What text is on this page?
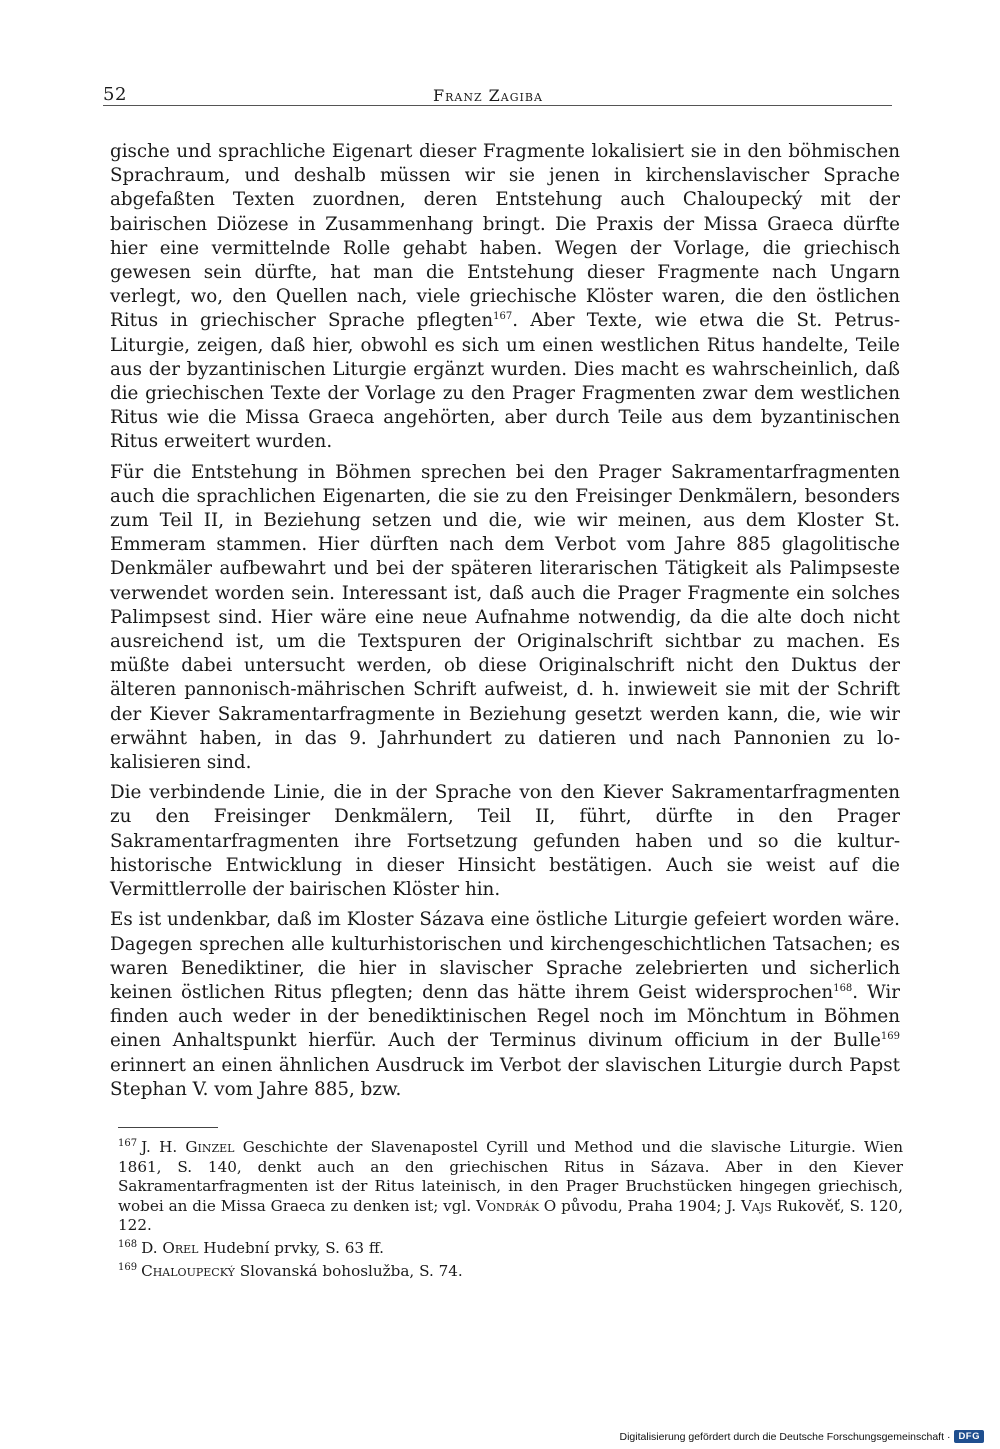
52	Franz Zagiba

gische und sprachliche Eigenart dieser Fragmente lokalisiert sie in den böhmischen Sprachraum, und deshalb müssen wir sie jenen in kirchenslavischer Sprache abgefaßten Texten zuordnen, deren Entstehung auch Chaloupecký mit der bairischen Diözese in Zusammenhang bringt. Die Praxis der Missa Graeca dürfte hier eine vermittelnde Rolle gehabt haben. Wegen der Vorlage, die griechisch gewesen sein dürfte, hat man die Entstehung dieser Fragmente nach Ungarn verlegt, wo, den Quellen nach, viele griechische Klöster waren, die den östlichen Ritus in griechischer Sprache pflegten$^{167}$. Aber Texte, wie etwa die St. Petrus-Liturgie, zeigen, daß hier, obwohl es sich um einen westlichen Ritus handelte, Teile aus der byzantinischen Liturgie ergänzt wurden. Dies macht es wahrscheinlich, daß die griechischen Texte der Vorlage zu den Prager Fragmenten zwar dem westlichen Ritus wie die Missa Graeca angehörten, aber durch Teile aus dem byzantinischen Ritus erweitert wurden.

Für die Entstehung in Böhmen sprechen bei den Prager Sakramentarfragmenten auch die sprachlichen Eigenarten, die sie zu den Freisinger Denkmälern, besonders zum Teil II, in Beziehung setzen und die, wie wir meinen, aus dem Kloster St. Emmeram stammen. Hier dürften nach dem Verbot vom Jahre 885 glagolitische Denkmäler aufbewahrt und bei der späteren literarischen Tätigkeit als Palimpseste verwendet worden sein. Interessant ist, daß auch die Prager Fragmente ein solches Palimpsest sind. Hier wäre eine neue Aufnahme notwendig, da die alte doch nicht ausreichend ist, um die Textspuren der Originalschrift sichtbar zu machen. Es müßte dabei untersucht werden, ob diese Originalschrift nicht den Duktus der älteren pannonisch-mährischen Schrift aufweist, d. h. inwieweit sie mit der Schrift der Kiever Sakramentarfragmente in Beziehung gesetzt werden kann, die, wie wir erwähnt haben, in das 9. Jahrhundert zu datieren und nach Pannonien zu lokalisieren sind.

Die verbindende Linie, die in der Sprache von den Kiever Sakramentarfragmenten zu den Freisinger Denkmälern, Teil II, führt, dürfte in den Prager Sakramentarfragmenten ihre Fortsetzung gefunden haben und so die kulturhistorische Entwicklung in dieser Hinsicht bestätigen. Auch sie weist auf die Vermittlerrolle der bairischen Klöster hin.

Es ist undenkbar, daß im Kloster Sázava eine östliche Liturgie gefeiert worden wäre. Dagegen sprechen alle kulturhistorischen und kirchengeschichtlichen Tatsachen; es waren Benediktiner, die hier in slavischer Sprache zelebrierten und sicherlich keinen östlichen Ritus pflegten; denn das hätte ihrem Geist widersprochen$^{168}$. Wir finden auch weder in der benediktinischen Regel noch im Mönchtum in Böhmen einen Anhaltspunkt hierfür. Auch der Terminus divinum officium in der Bulle$^{169}$ erinnert an einen ähnlichen Ausdruck im Verbot der slavischen Liturgie durch Papst Stephan V. vom Jahre 885, bzw.

$^{167}$ J. H. Ginzel Geschichte der Slavenapostel Cyrill und Method und die slavische Liturgie. Wien 1861, S. 140, denkt auch an den griechischen Ritus in Sázava. Aber in den Kiever Sakramentarfragmenten ist der Ritus lateinisch, in den Prager Bruchstücken hingegen griechisch, wobei an die Missa Graeca zu denken ist; vgl. Vondrák O původu, Praha 1904; J. Vajs Rukověť, S. 120, 122.

$^{168}$ D. Orel Hudební prvky, S. 63 ff.

$^{169}$ Chaloupecký Slovanská bohoslužba, S. 74.

Digitalisierung gefördert durch die Deutsche Forschungsgemeinschaft · DFG
